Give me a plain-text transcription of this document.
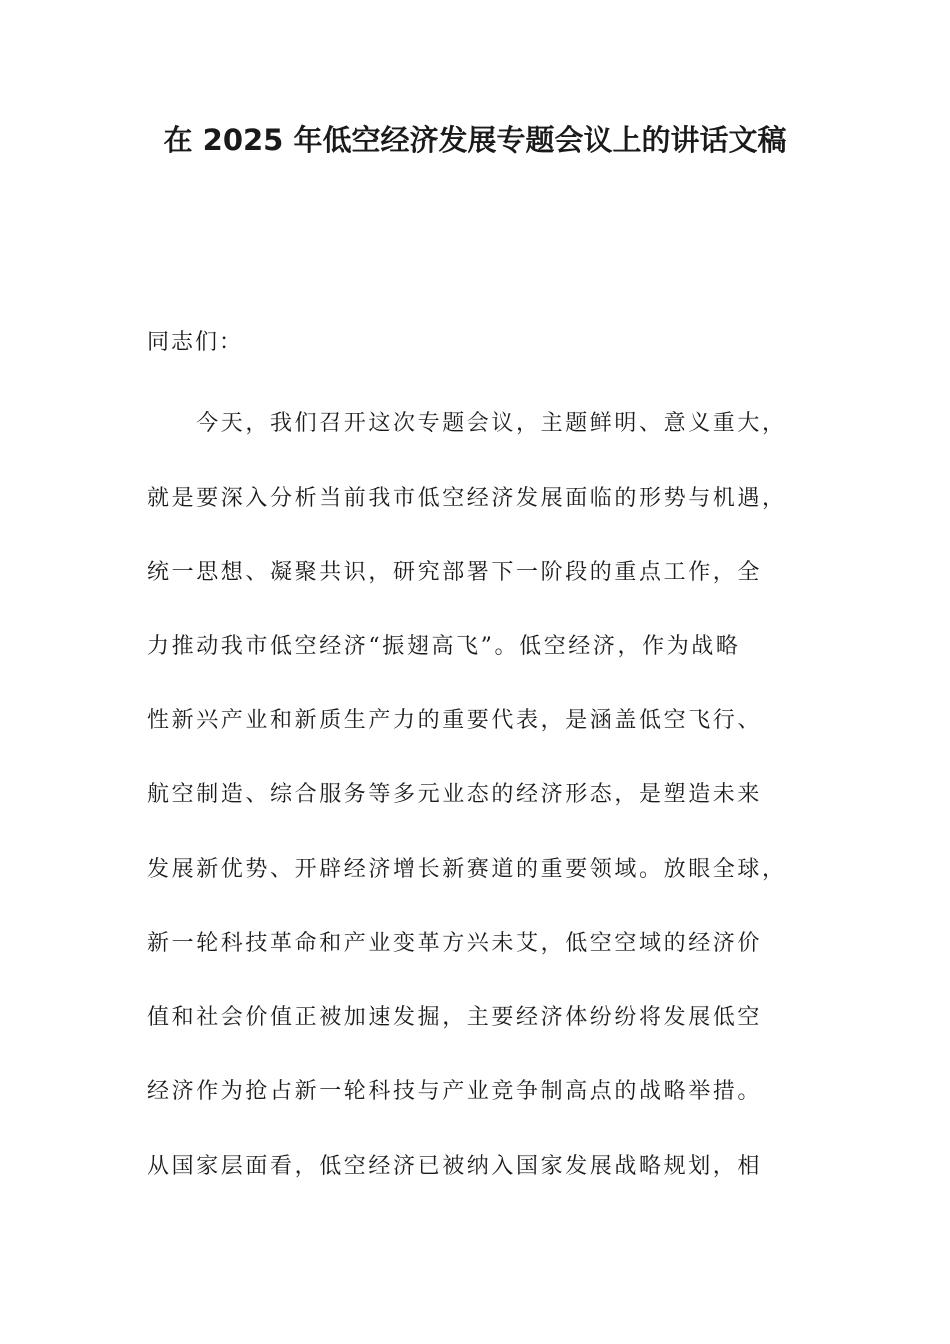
在 2025 年低空经济发展专题会议上的讲话文稿
同志们：
　　今天，我们召开这次专题会议，主题鲜明、意义重大，
就是要深入分析当前我市低空经济发展面临的形势与机遇，
统一思想、凝聚共识，研究部署下一阶段的重点工作，全
力推动我市低空经济“振翅高飞”。低空经济，作为战略
性新兴产业和新质生产力的重要代表，是涵盖低空飞行、
航空制造、综合服务等多元业态的经济形态，是塑造未来
发展新优势、开辟经济增长新赛道的重要领域。放眼全球，
新一轮科技革命和产业变革方兴未艾，低空空域的经济价
值和社会价值正被加速发掘，主要经济体纷纷将发展低空
经济作为抢占新一轮科技与产业竞争制高点的战略举措。
从国家层面看，低空经济已被纳入国家发展战略规划，相
